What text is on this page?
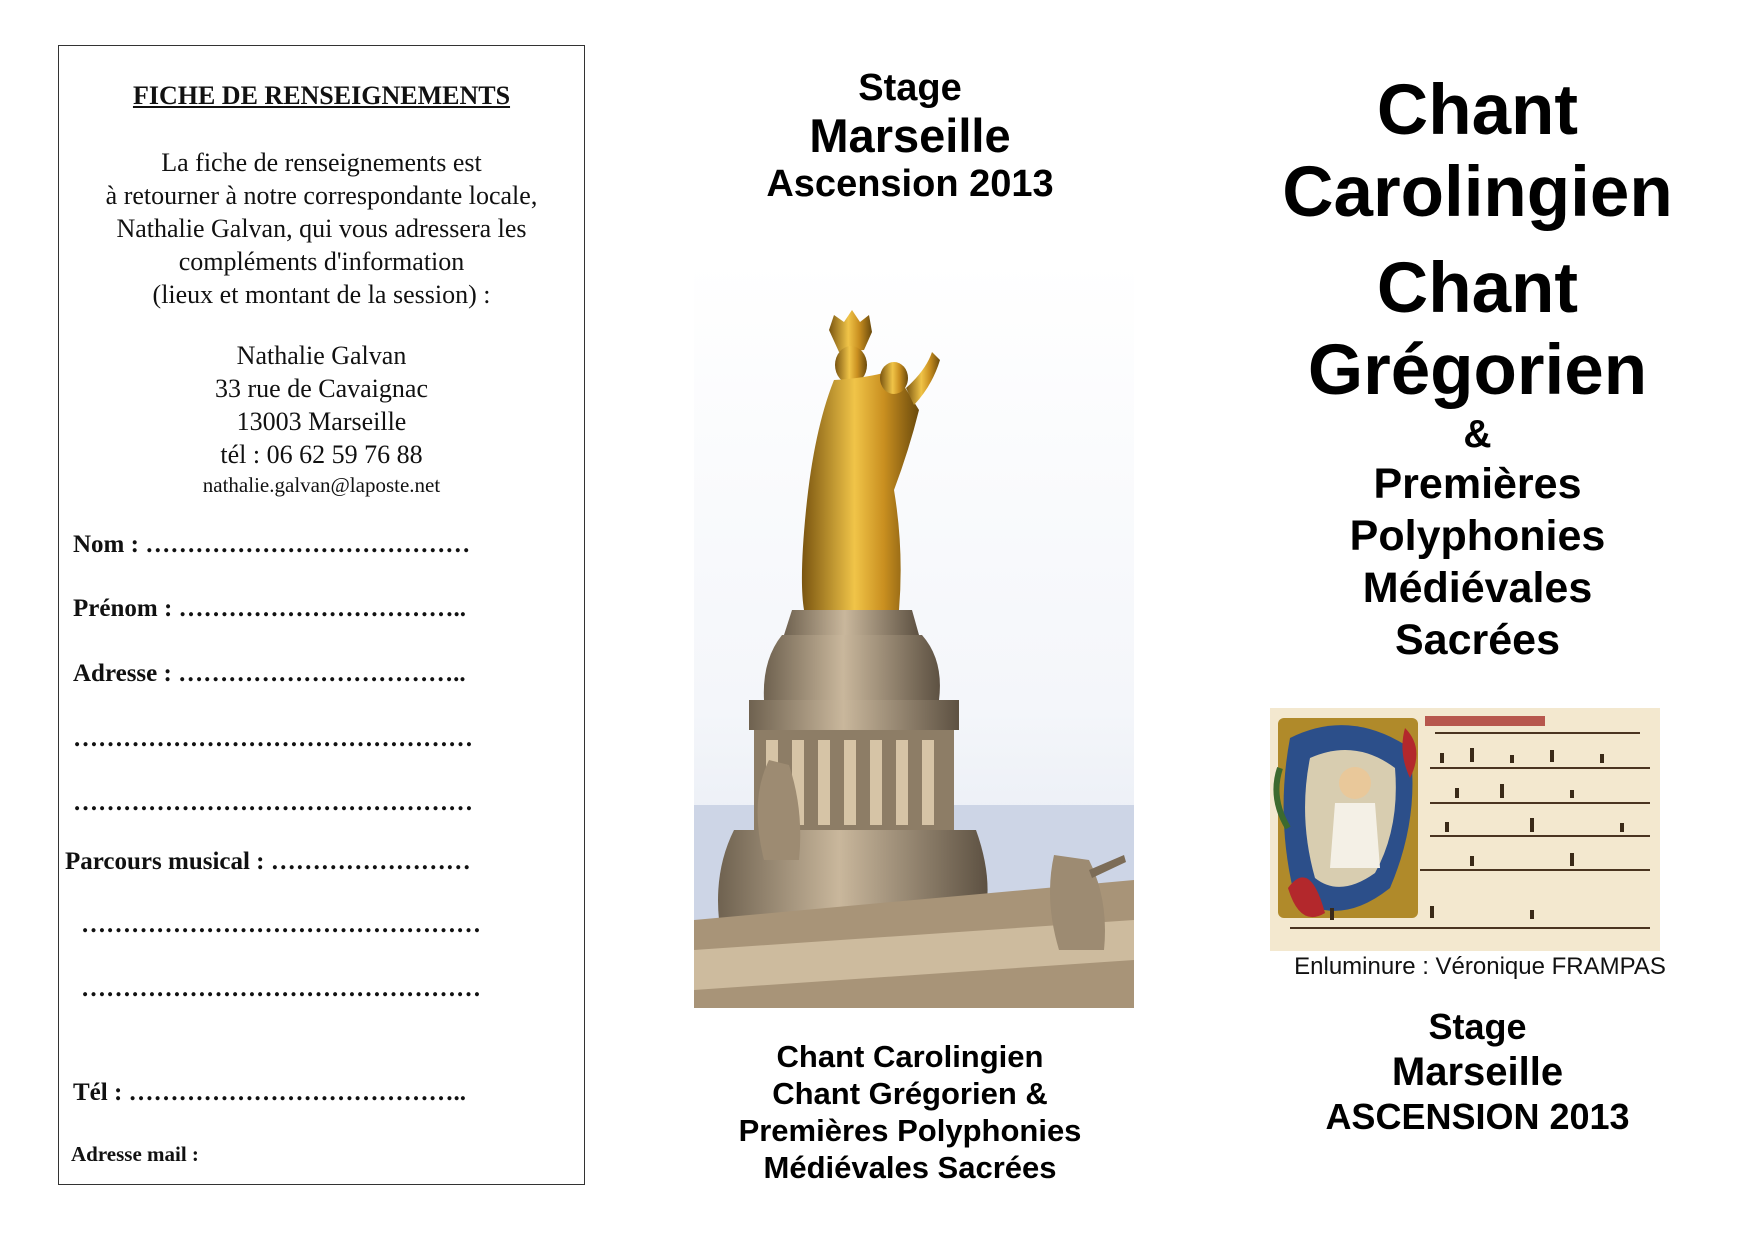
FICHE DE RENSEIGNEMENTS
La fiche de renseignements est
à retourner à notre correspondante locale,
Nathalie Galvan, qui vous adressera les
compléments d'information
(lieux et montant de la session) :
Nathalie Galvan
33 rue de Cavaignac
13003 Marseille
tél : 06 62 59 76 88
nathalie.galvan@laposte.net
Nom : …………………………………
Prénom : ……………………………..
Adresse : ……………………………..
…………………………………………
…………………………………………
Parcours musical : ……………………
…………………………………………
…………………………………………
Tél : …………………………………..
Adresse mail :
Stage
Marseille
Ascension 2013
Chant Carolingien
Chant Grégorien &
Premières Polyphonies
Médiévales Sacrées
Chant
Carolingien
Chant
Grégorien
&
Premières
Polyphonies
Médiévales
Sacrées
Enluminure : Véronique FRAMPAS
Stage
Marseille
ASCENSION 2013
